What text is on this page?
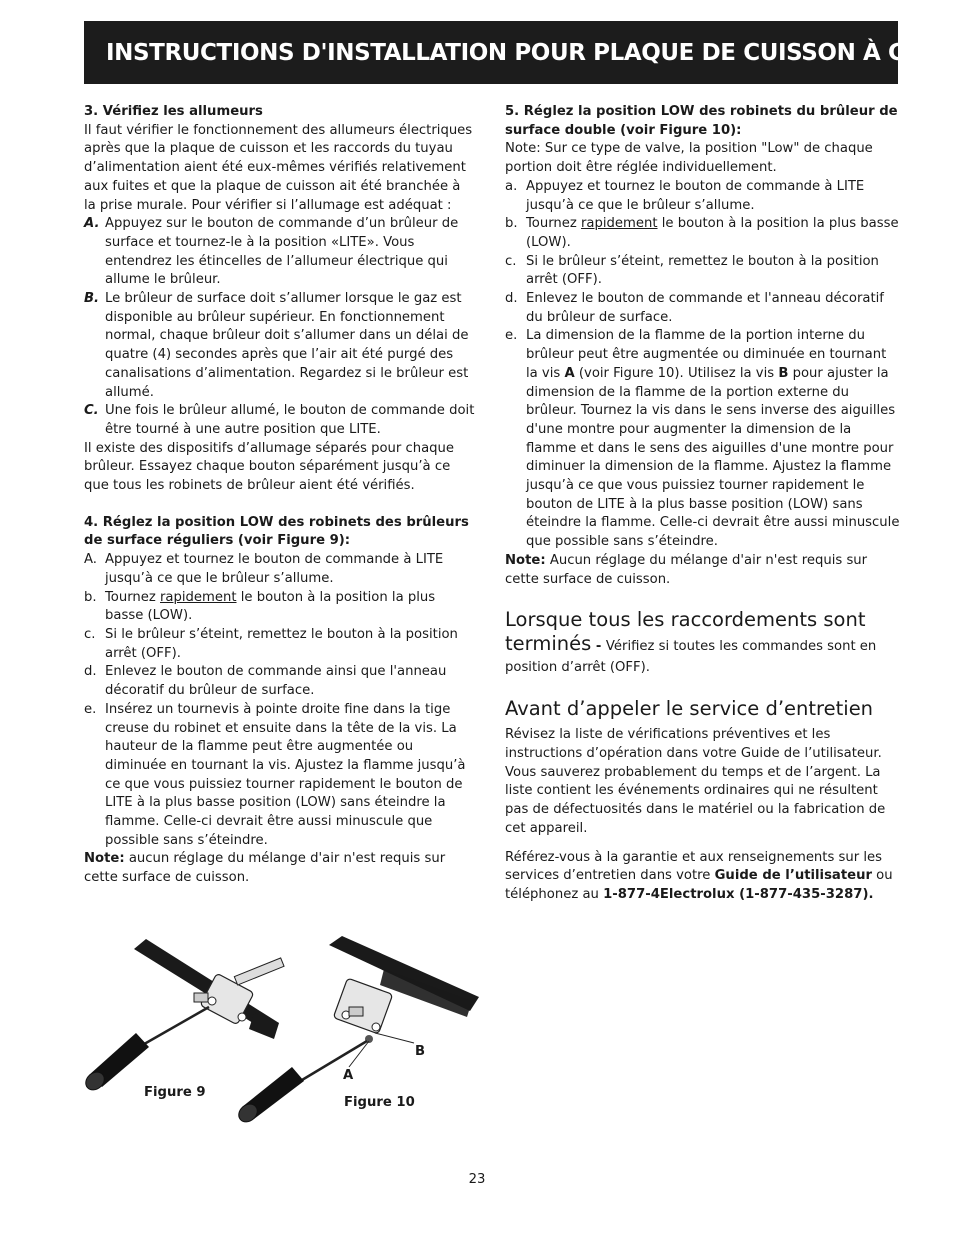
INSTRUCTIONS D'INSTALLATION POUR PLAQUE DE CUISSON À GAZ

3. Vérifiez les allumeurs

Il faut vérifier le fonctionnement des allumeurs électriques après que la plaque de cuisson et les raccords du tuyau d’alimentation aient été eux-mêmes vérifiés relativement aux fuites et que la plaque de cuisson ait été branchée à la prise murale. Pour vérifier si l’allumage est adéquat :

A. Appuyez sur le bouton de commande d’un brûleur de surface et tournez-le à la position «LITE». Vous entendrez les étincelles de l’allumeur électrique qui allume le brûleur.
B. Le brûleur de surface doit s’allumer lorsque le gaz est disponible au brûleur supérieur. En fonctionnement normal, chaque brûleur doit s’allumer dans un délai de quatre (4) secondes après que l’air ait été purgé des canalisations d’alimentation. Regardez si le brûleur est allumé.
C. Une fois le brûleur allumé, le bouton de commande doit être tourné à une autre position que LITE.

Il existe des dispositifs d’allumage séparés pour chaque brûleur. Essayez chaque bouton séparément jusqu’à ce que tous les robinets de brûleur aient été vérifiés.

4. Réglez la position LOW des robinets des brûleurs de surface réguliers (voir Figure 9):

A. Appuyez et tournez le bouton de commande à LITE jusqu’à ce que le brûleur s’allume.
b. Tournez rapidement le bouton à la position la plus basse (LOW).
c. Si le brûleur s’éteint, remettez le bouton à la position arrêt (OFF).
d. Enlevez le bouton de commande ainsi que l'anneau décoratif du brûleur de surface.
e. Insérez un tournevis à pointe droite fine dans la tige creuse du robinet et ensuite dans la tête de la vis. La hauteur de la flamme peut être augmentée ou diminuée en tournant la vis. Ajustez la flamme jusqu’à ce que vous puissiez tourner rapidement le bouton de LITE à la plus basse position (LOW) sans éteindre la flamme. Celle-ci devrait être aussi minuscule que possible sans s’éteindre.

Note: aucun réglage du mélange d'air n'est requis sur cette surface de cuisson.

Figure 9
Figure 10
A
B

5. Réglez la position LOW des robinets du brûleur de surface double (voir Figure 10):

Note: Sur ce type de valve, la position "Low" de chaque portion doit être réglée individuellement.

a. Appuyez et tournez le bouton de commande à LITE jusqu’à ce que le brûleur s’allume.
b. Tournez rapidement le bouton à la position la plus basse (LOW).
c. Si le brûleur s’éteint, remettez le bouton à la position arrêt (OFF).
d. Enlevez le bouton de commande et l'anneau décoratif du brûleur de surface.
e. La dimension de la flamme de la portion interne du brûleur peut être augmentée ou diminuée en tournant la vis A (voir Figure 10). Utilisez la vis B pour ajuster la dimension de la flamme de la portion externe du brûleur. Tournez la vis dans le sens inverse des aiguilles d'une montre pour augmenter la dimension de la flamme et dans le sens des aiguilles d'une montre pour diminuer la dimension de la flamme. Ajustez la flamme jusqu’à ce que vous puissiez tourner rapidement le bouton de LITE à la plus basse position (LOW) sans éteindre la flamme. Celle-ci devrait être aussi minuscule que possible sans s’éteindre.

Note: Aucun réglage du mélange d'air n'est requis sur cette surface de cuisson.

Lorsque tous les raccordements sont

terminés - Vérifiez si toutes les commandes sont en position d’arrêt (OFF).

Avant d’appeler le service d’entretien

Révisez la liste de vérifications préventives et les instructions d’opération dans votre Guide de l’utilisateur. Vous sauverez probablement du temps et de l’argent. La liste contient les événements ordinaires qui ne résultent pas de défectuosités dans le matériel ou la fabrication de cet appareil.

Référez-vous à la garantie et aux renseignements sur les services d’entretien dans votre Guide de l’utilisateur ou téléphonez au 1-877-4Electrolux (1-877-435-3287).

23
